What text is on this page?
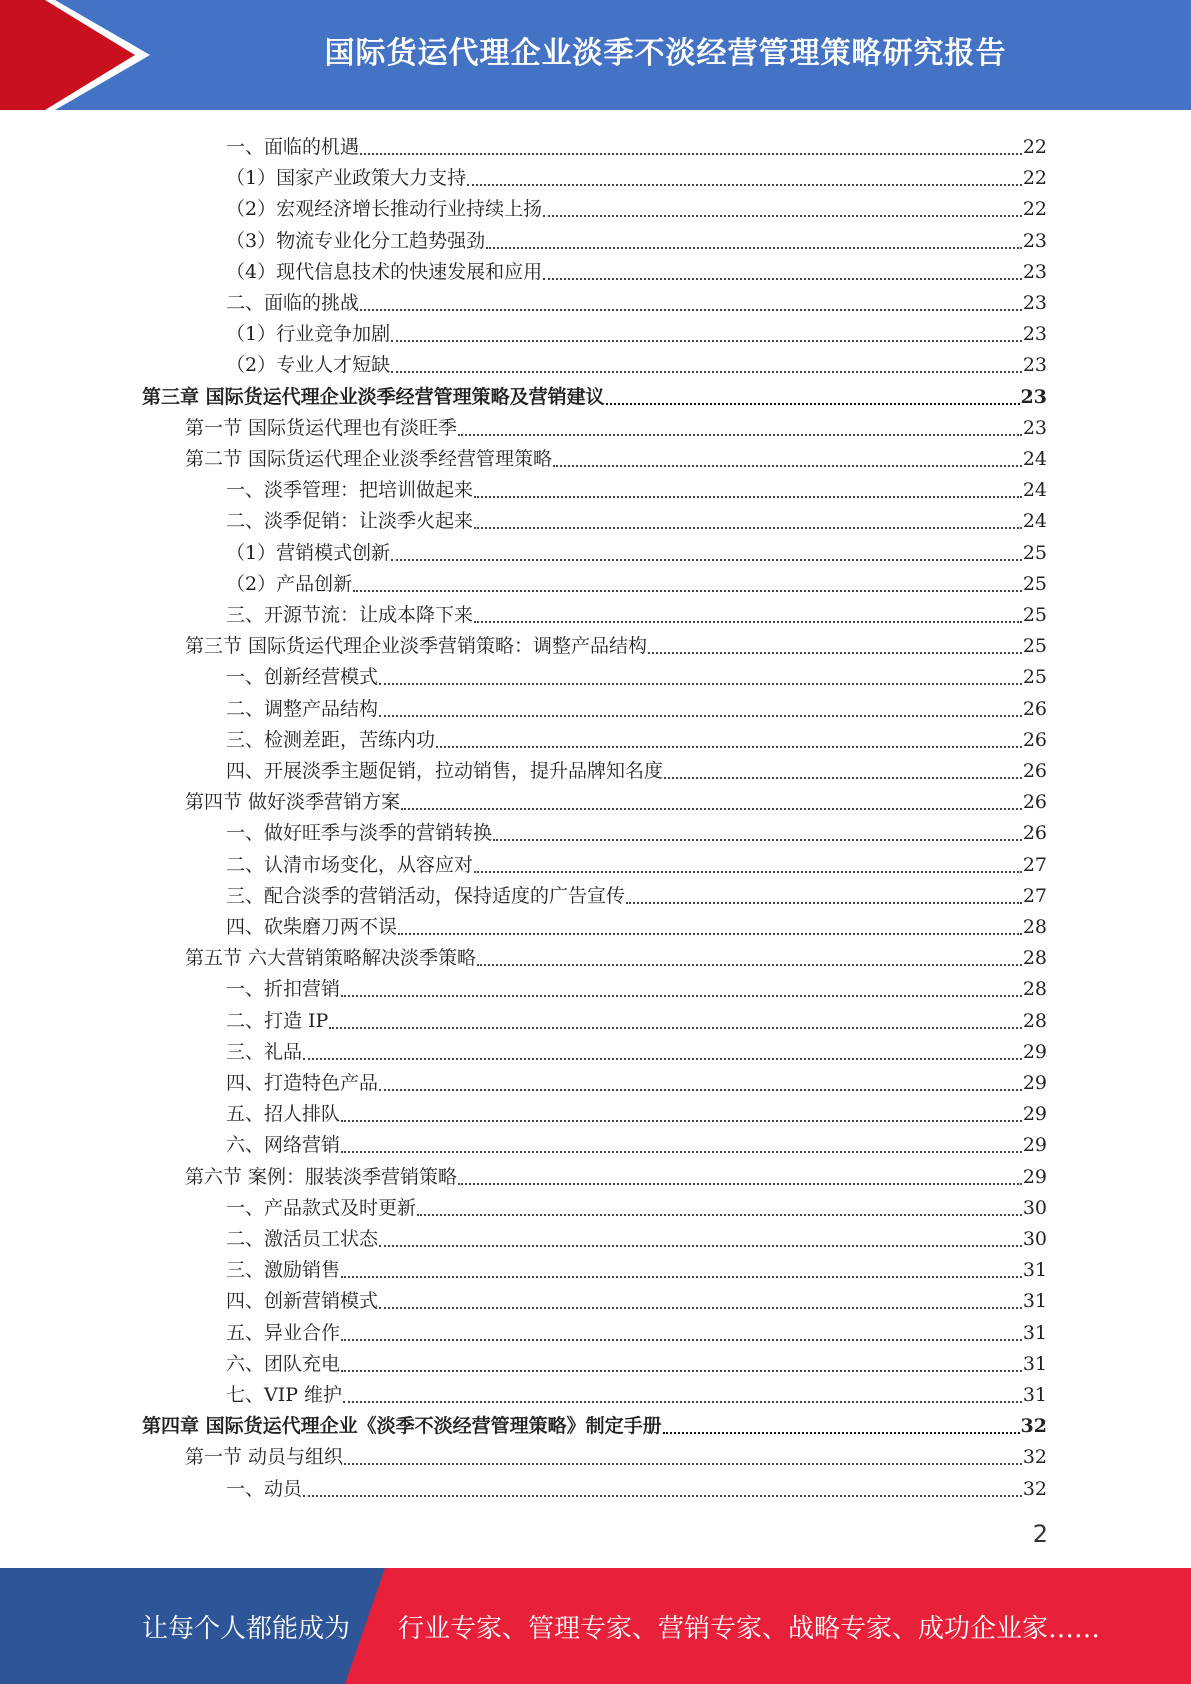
国际货运代理企业淡季不淡经营管理策略研究报告
一、面临的机遇	22
（1）国家产业政策大力支持	22
（2）宏观经济增长推动行业持续上扬	22
（3）物流专业化分工趋势强劲	23
（4）现代信息技术的快速发展和应用	23
二、面临的挑战	23
（1）行业竞争加剧	23
（2）专业人才短缺	23
第三章 国际货运代理企业淡季经营管理策略及营销建议	23
第一节 国际货运代理也有淡旺季	23
第二节 国际货运代理企业淡季经营管理策略	24
一、淡季管理：把培训做起来	24
二、淡季促销：让淡季火起来	24
（1）营销模式创新	25
（2）产品创新	25
三、开源节流：让成本降下来	25
第三节 国际货运代理企业淡季营销策略：调整产品结构	25
一、创新经营模式	25
二、调整产品结构	26
三、检测差距，苦练内功	26
四、开展淡季主题促销，拉动销售，提升品牌知名度	26
第四节 做好淡季营销方案	26
一、做好旺季与淡季的营销转换	26
二、认清市场变化，从容应对	27
三、配合淡季的营销活动，保持适度的广告宣传	27
四、砍柴磨刀两不误	28
第五节 六大营销策略解决淡季策略	28
一、折扣营销	28
二、打造 IP	28
三、礼品	29
四、打造特色产品	29
五、招人排队	29
六、网络营销	29
第六节 案例：服装淡季营销策略	29
一、产品款式及时更新	30
二、激活员工状态	30
三、激励销售	31
四、创新营销模式	31
五、异业合作	31
六、团队充电	31
七、VIP 维护	31
第四章 国际货运代理企业《淡季不淡经营管理策略》制定手册	32
第一节 动员与组织	32
一、动员	32
2
让每个人都能成为 行业专家、管理专家、营销专家、战略专家、成功企业家……
